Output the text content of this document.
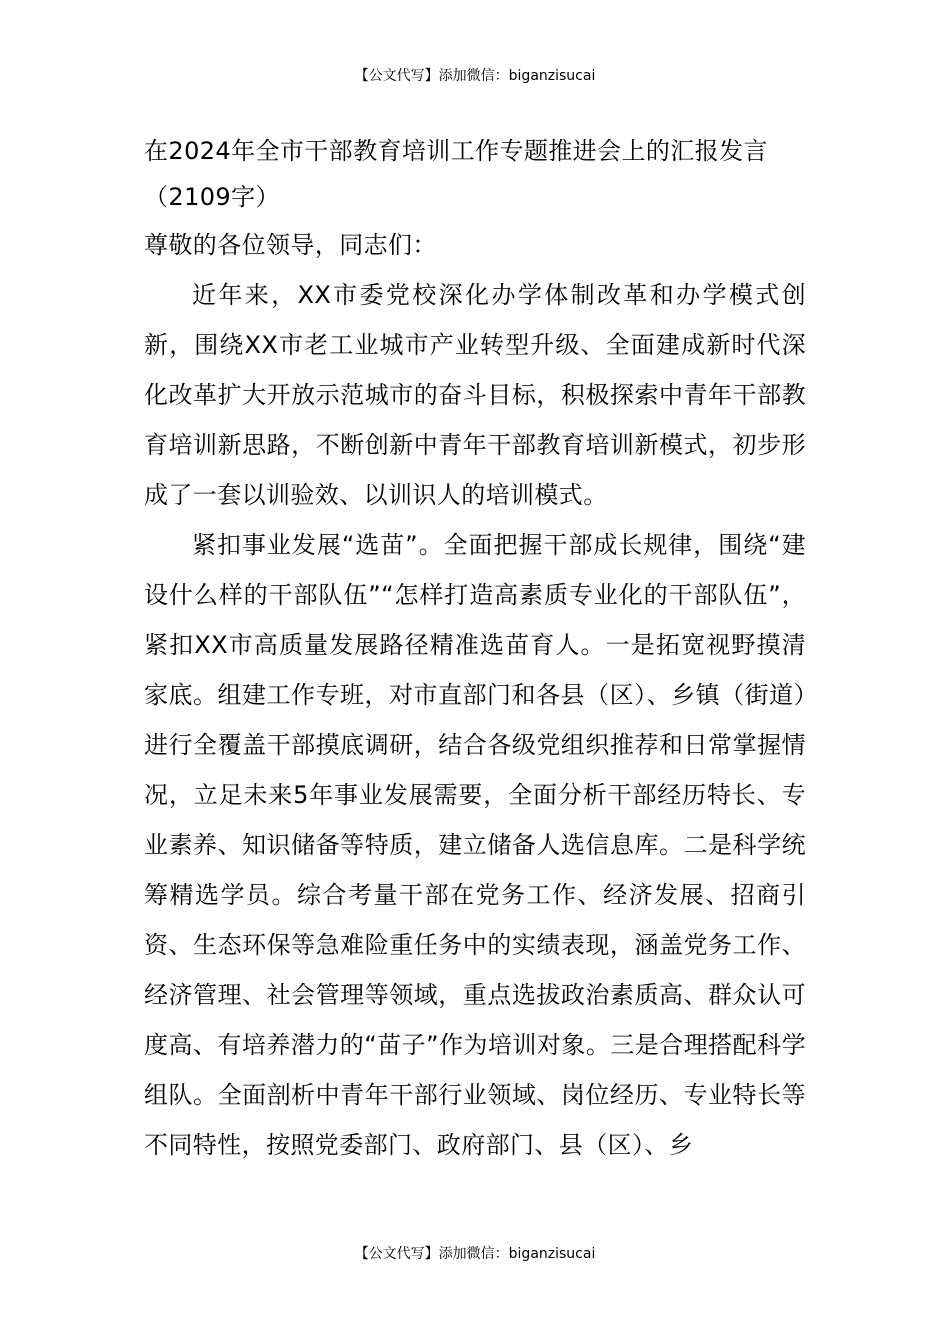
【公文代写】添加微信：biganzisucai

在2024年全市干部教育培训工作专题推进会上的汇报发言（2109字）

尊敬的各位领导，同志们：

近年来，XX市委党校深化办学体制改革和办学模式创新，围绕XX市老工业城市产业转型升级、全面建成新时代深化改革扩大开放示范城市的奋斗目标，积极探索中青年干部教育培训新思路，不断创新中青年干部教育培训新模式，初步形成了一套以训验效、以训识人的培训模式。

紧扣事业发展“选苗”。全面把握干部成长规律，围绕“建设什么样的干部队伍”“怎样打造高素质专业化的干部队伍”，紧扣XX市高质量发展路径精准选苗育人。一是拓宽视野摸清家底。组建工作专班，对市直部门和各县（区）、乡镇（街道）进行全覆盖干部摸底调研，结合各级党组织推荐和日常掌握情况，立足未来5年事业发展需要，全面分析干部经历特长、专业素养、知识储备等特质，建立储备人选信息库。二是科学统筹精选学员。综合考量干部在党务工作、经济发展、招商引资、生态环保等急难险重任务中的实绩表现，涵盖党务工作、经济管理、社会管理等领域，重点选拔政治素质高、群众认可度高、有培养潜力的“苗子”作为培训对象。三是合理搭配科学组队。全面剖析中青年干部行业领域、岗位经历、专业特长等不同特性，按照党委部门、政府部门、县（区）、乡

【公文代写】添加微信：biganzisucai
